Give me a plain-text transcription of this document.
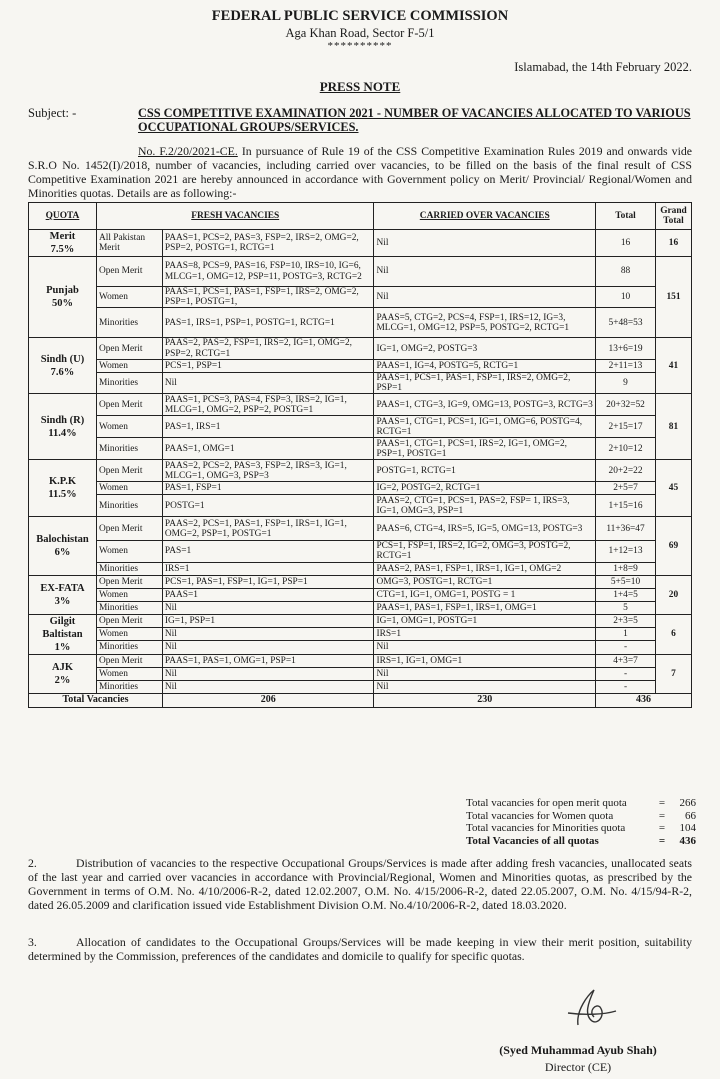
FEDERAL PUBLIC SERVICE COMMISSION
Aga Khan Road, Sector F-5/1
**********
Islamabad, the 14th February 2022.
PRESS NOTE
Subject: -	CSS COMPETITIVE EXAMINATION 2021 - NUMBER OF VACANCIES ALLOCATED TO VARIOUS OCCUPATIONAL GROUPS/SERVICES.
No. F.2/20/2021-CE. In pursuance of Rule 19 of the CSS Competitive Examination Rules 2019 and onwards vide S.R.O No. 1452(I)/2018, number of vacancies, including carried over vacancies, to be filled on the basis of the final result of CSS Competitive Examination 2021 are hereby announced in accordance with Government policy on Merit/ Provincial/ Regional/Women and Minorities quotas. Details are as following:-
QUOTA	FRESH VACANCIES		CARRIED OVER VACANCIES	Total	Grand Total

Merit
7.5%	All Pakistan Merit	PAAS=1, PCS=2, PAS=3, FSP=2, IRS=2, OMG=2, PSP=2, POSTG=1, RCTG=1	Nil	16	16

Punjab
50%	Open Merit	PAAS=8, PCS=9, PAS=16, FSP=10, IRS=10, IG=6, MLCG=1, OMG=12, PSP=11, POSTG=3, RCTG=2	Nil	88	151
	Women	PAAS=1, PCS=1, PAS=1, FSP=1, IRS=2, OMG=2, PSP=1, POSTG=1,	Nil	10	
	Minorities	PAS=1, IRS=1, PSP=1, POSTG=1, RCTG=1	PAAS=5, CTG=2, PCS=4, FSP=1, IRS=12, IG=3, MLCG=1, OMG=12, PSP=5, POSTG=2, RCTG=1	5+48=53	

Sindh (U)
7.6%	Open Merit	PAAS=2, PAS=2, FSP=1, IRS=2, IG=1, OMG=2, PSP=2, RCTG=1	IG=1, OMG=2, POSTG=3	13+6=19	41
	Women	PCS=1, PSP=1	PAAS=1, IG=4, POSTG=5, RCTG=1	2+11=13	
	Minorities	Nil	PAAS=1, PCS=1, PAS=1, FSP=1, IRS=2, OMG=2, PSP=1	9	

Sindh (R)
11.4%	Open Merit	PAAS=1, PCS=3, PAS=4, FSP=3, IRS=2, IG=1, MLCG=1, OMG=2, PSP=2, POSTG=1	PAAS=1, CTG=3, IG=9, OMG=13, POSTG=3, RCTG=3	20+32=52	81
	Women	PAS=1, IRS=1	PAAS=1, CTG=1, PCS=1, IG=1, OMG=6, POSTG=4, RCTG=1	2+15=17	
	Minorities	PAAS=1, OMG=1	PAAS=1, CTG=1, PCS=1, IRS=2, IG=1, OMG=2, PSP=1, POSTG=1	2+10=12	

K.P.K
11.5%	Open Merit	PAAS=2, PCS=2, PAS=3, FSP=2, IRS=3, IG=1, MLCG=1, OMG=3, PSP=3	POSTG=1, RCTG=1	20+2=22	45
	Women	PAS=1, FSP=1	IG=2, POSTG=2, RCTG=1	2+5=7	
	Minorities	POSTG=1	PAAS=2, CTG=1, PCS=1, PAS=2, FSP= 1, IRS=3, IG=1, OMG=3, PSP=1	1+15=16	

Balochistan
6%	Open Merit	PAAS=2, PCS=1, PAS=1, FSP=1, IRS=1, IG=1, OMG=2, PSP=1, POSTG=1	PAAS=6, CTG=4, IRS=5, IG=5, OMG=13, POSTG=3	11+36=47	69
	Women	PAS=1	PCS=1, FSP=1, IRS=2, IG=2, OMG=3, POSTG=2, RCTG=1	1+12=13	
	Minorities	IRS=1	PAAS=2, PAS=1, FSP=1, IRS=1, IG=1, OMG=2	1+8=9	

EX-FATA
3%	Open Merit	PCS=1, PAS=1, FSP=1, IG=1, PSP=1	OMG=3, POSTG=1, RCTG=1	5+5=10	20
	Women	PAAS=1	CTG=1, IG=1, OMG=1, POSTG = 1	1+4=5	
	Minorities	Nil	PAAS=1, PAS=1, FSP=1, IRS=1, OMG=1	5	

Gilgit Baltistan
1%	Open Merit	IG=1, PSP=1	IG=1, OMG=1, POSTG=1	2+3=5	6
	Women	Nil	IRS=1	1	
	Minorities	Nil	Nil	-	

AJK
2%	Open Merit	PAAS=1, PAS=1, OMG=1, PSP=1	IRS=1, IG=1, OMG=1	4+3=7	7
	Women	Nil	Nil	-	
	Minorities	Nil	Nil	-	
Total Vacancies		206	230	436	
Total vacancies for open merit quota	=	266
Total vacancies for Women quota	=	66
Total vacancies for Minorities quota	=	104
Total Vacancies of all quotas	=	436
2.	Distribution of vacancies to the respective Occupational Groups/Services is made after adding fresh vacancies, unallocated seats of the last year and carried over vacancies in accordance with Provincial/Regional, Women and Minorities quotas, as prescribed by the Government in terms of O.M. No. 4/10/2006-R-2, dated 12.02.2007, O.M. No. 4/15/2006-R-2, dated 22.05.2007, O.M. No. 4/15/94-R-2, dated 26.05.2009 and clarification issued vide Establishment Division O.M. No.4/10/2006-R-2, dated 18.03.2020.
3.	Allocation of candidates to the Occupational Groups/Services will be made keeping in view their merit position, suitability determined by the Commission, preferences of the candidates and domicile to qualify for specific quotas.
(Syed Muhammad Ayub Shah)
Director (CE)
